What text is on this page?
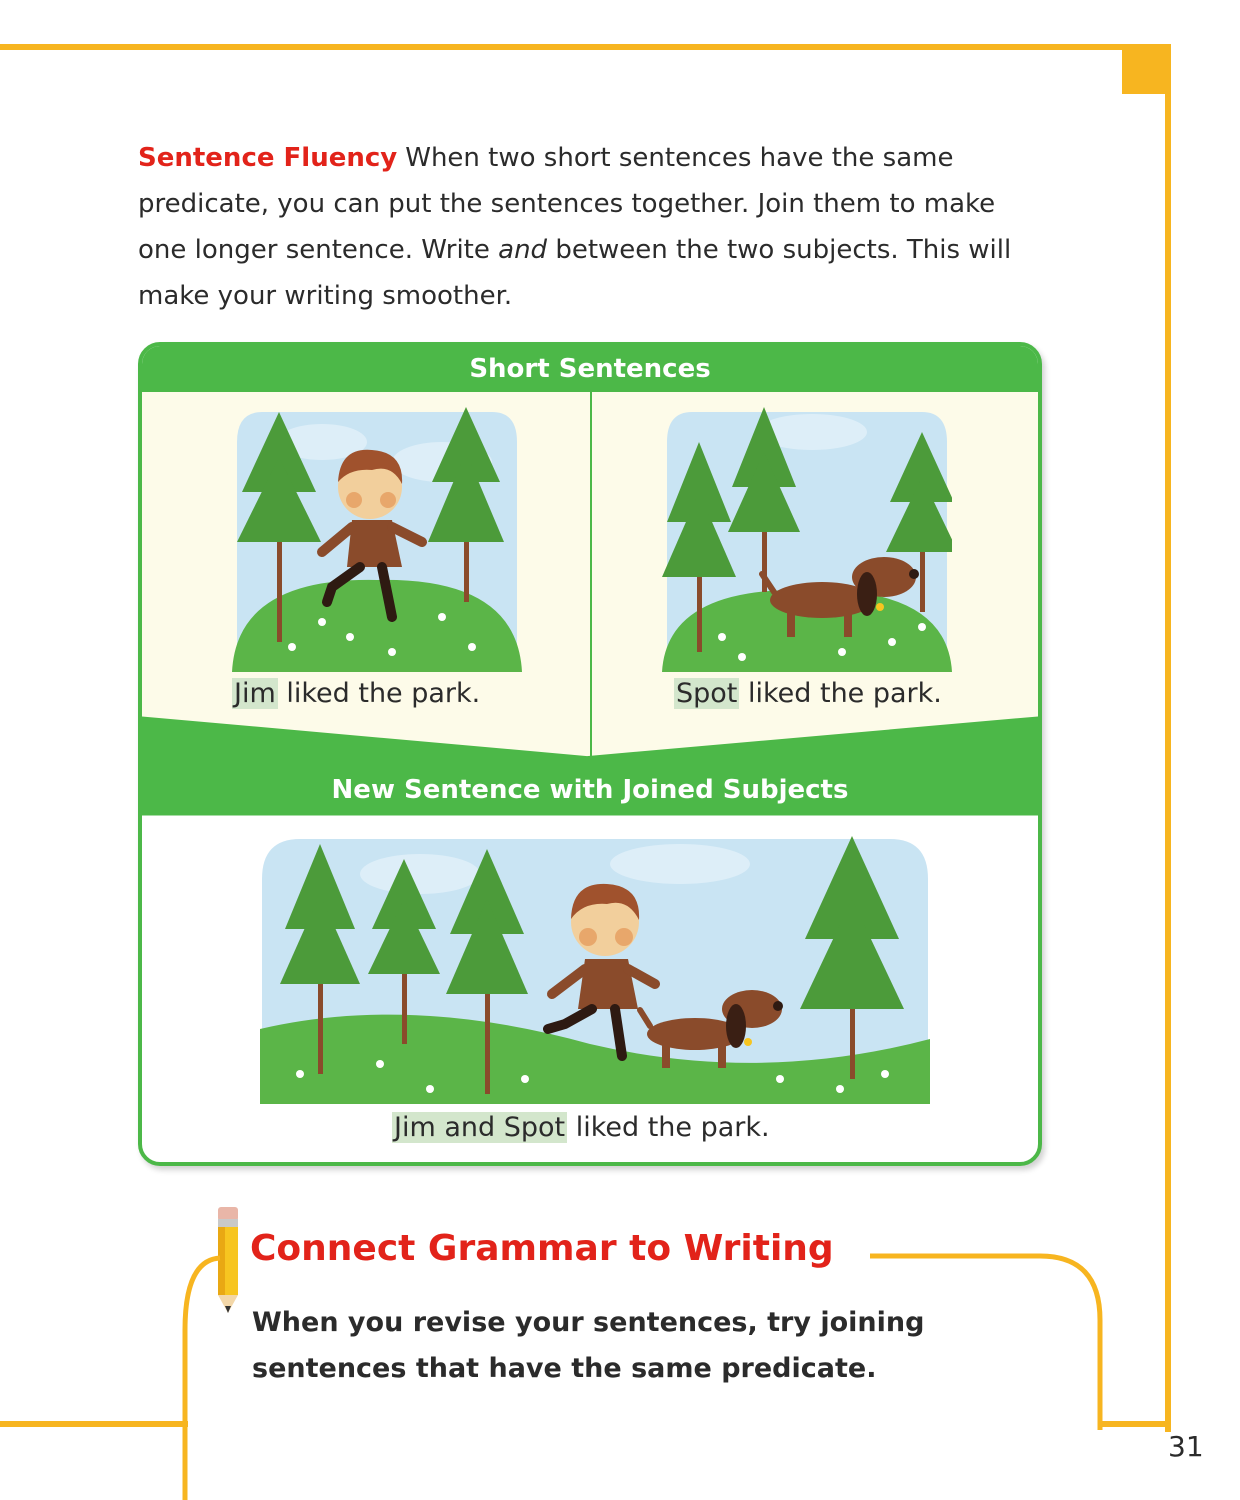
Sentence Fluency When two short sentences have the same predicate, you can put the sentences together. Join them to make one longer sentence. Write and between the two subjects. This will make your writing smoother.

Short Sentences
Jim liked the park.	Spot liked the park.
New Sentence with Joined Subjects
Jim and Spot liked the park.
Connect Grammar to Writing

When you revise your sentences, try joining sentences that have the same predicate.

31
